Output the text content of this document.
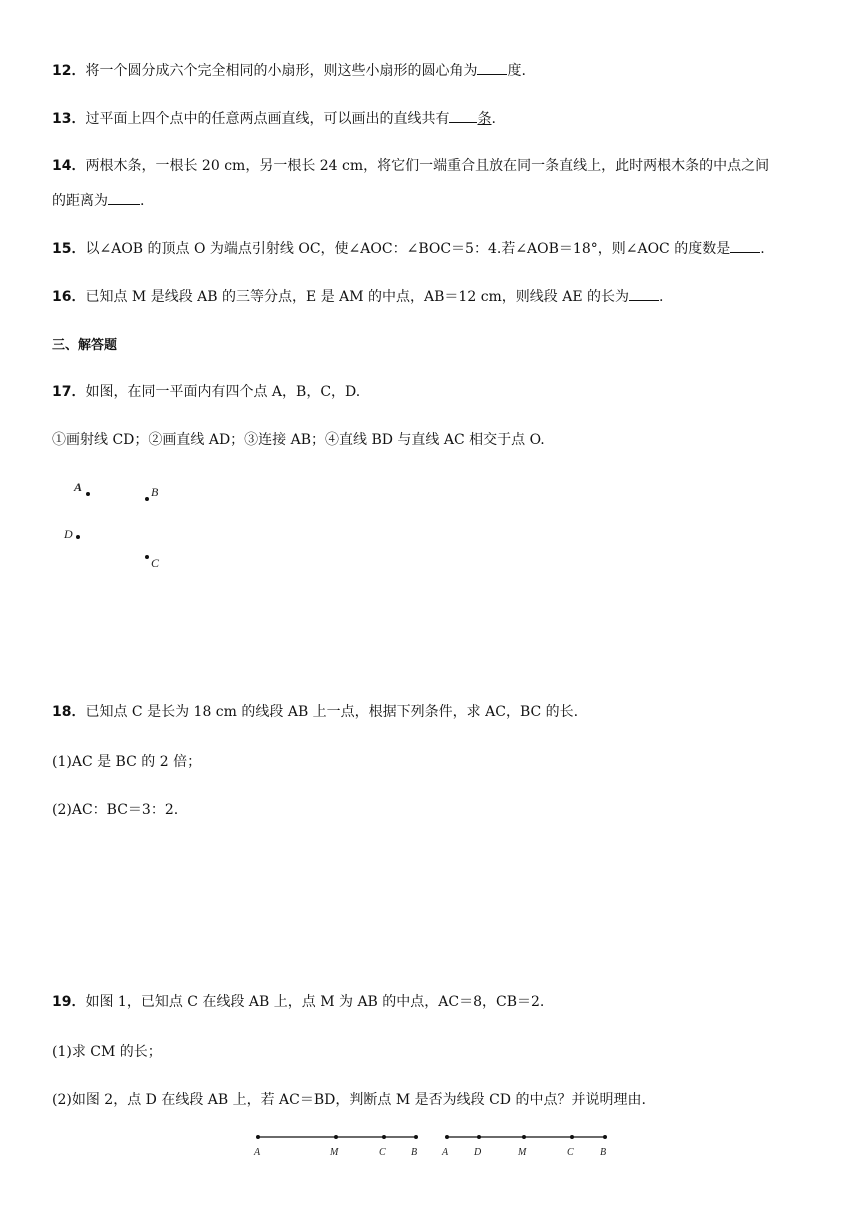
12．将一个圆分成六个完全相同的小扇形，则这些小扇形的圆心角为 度.
13．过平面上四个点中的任意两点画直线，可以画出的直线共有 条.
14．两根木条，一根长 20 cm，另一根长 24 cm，将它们一端重合且放在同一条直线上，此时两根木条的中点之间
的距离为 .
15．以∠AOB 的顶点 O 为端点引射线 OC，使∠AOC：∠BOC＝5：4.若∠AOB＝18°，则∠AOC 的度数是 .
16．已知点 M 是线段 AB 的三等分点，E 是 AM 的中点，AB＝12 cm，则线段 AE 的长为 .
三、解答题
17．如图，在同一平面内有四个点 A，B，C，D.
①画射线 CD；②画直线 AD；③连接 AB；④直线 BD 与直线 AC 相交于点 O.
A	B
D
C
18．已知点 C 是长为 18 cm 的线段 AB 上一点，根据下列条件，求 AC，BC 的长.
(1)AC 是 BC 的 2 倍；
(2)AC：BC＝3：2.
19．如图 1，已知点 C 在线段 AB 上，点 M 为 AB 的中点，AC＝8，CB＝2.
(1)求 CM 的长；
(2)如图 2，点 D 在线段 AB 上，若 AC＝BD，判断点 M 是否为线段 CD 的中点？并说明理由.
A	M	C	B A	D	M	C	B
